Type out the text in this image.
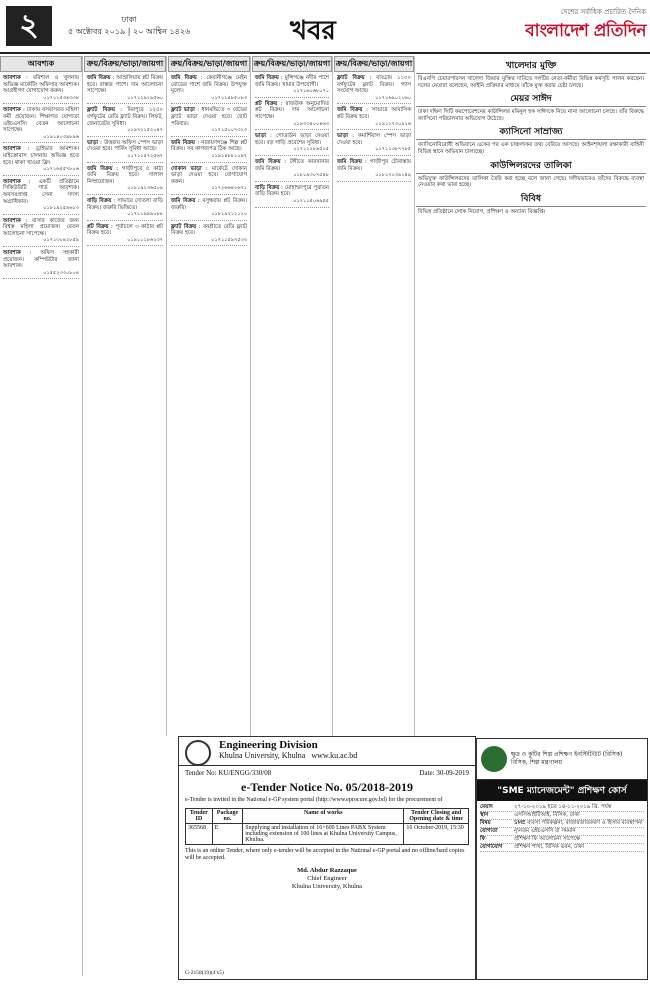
২	ঢাকা
৫ অক্টোবর ২০১৯ | ২০ আশ্বিন ১৪২৬	খবর
দেশের সর্বাধিক প্রচারিত দৈনিক
বাংলাদেশ প্রতিদিন
আবশ্যক
আবশ্যক : বরিশাল ও খুলনায় অভিজ্ঞ মার্কেটিং অফিসার আবশ্যক। আগ্রহীগণ যোগাযোগ করুন।
০১৭১১৫৩৪৩৩৪
আবশ্যক : ঢাকায় বসবাসরত মহিলা কর্মী প্রয়োজন। শিক্ষাগত যোগ্যতা এইচএসসি। বেতন আলোচনা সাপেক্ষে।
০১৯১৪০৩৯৮৯৬
আবশ্যক : ড্রাইভার আবশ্যক। মাইক্রোবাস চালনায় অভিজ্ঞ হতে হবে। থাকা খাওয়া ফ্রি।
০১৭১৬৫৫৭৮০৬
আবশ্যক : একটি প্রতিষ্ঠানে সিকিউরিটি গার্ড আবশ্যক। অবসরপ্রাপ্ত সেনা সদস্য অগ্রাধিকার।
০১৮১৯২৫৪৬১৩
আবশ্যক : বাসার কাজের জন্য বিশ্বস্ত মহিলা প্রয়োজন। বেতন আলোচনা সাপেক্ষে।
০১৭১৩০৪২৮৫৯
আবশ্যক : অফিস সহকারী প্রয়োজন। কম্পিউটার জানা আবশ্যক।
০১৫৫২৩৩০৮০৪
ক্রয়/বিক্রয়/ভাড়া/জায়গা
জমি বিক্রয় : আশুলিয়ায় প্লট বিক্রয় হবে। রাস্তার পাশে। দাম আলোচনা সাপেক্ষে।
০১৭১২৯২৯৫৬০
ফ্ল্যাট বিক্রয় : মিরপুরে ১২৫০ বর্গফুটের রেডি ফ্ল্যাট বিক্রয়। লিফট, জেনারেটর সুবিধা।
০১৯৭২১৫২০৪৭
ভাড়া : উত্তরায় অফিস স্পেস ভাড়া দেওয়া হবে। পার্কিং সুবিধা আছে।
০১৭১১৫৭২৫৬৭
জমি বিক্রয় : গাজীপুরে ৫ কাঠা জমি বিক্রয় হবে। দালাল নিষ্প্রয়োজন।
০১৮১৯২৩৬৫০৯
বাড়ি বিক্রয় : সাভারে দোতলা বাড়ি বিক্রয়। জরুরি ভিত্তিতে।
০১৭১১৯৪৯০৮৮
প্লট বিক্রয় : পূর্বাচলে ৩ কাঠার প্লট বিক্রয় হবে।
০১৯১১১৮৬২৩৭
ক্রয়/বিক্রয়/ভাড়া/জায়গা
জমি বিক্রয় : কেরানীগঞ্জে মেইন রোডের পাশে জমি বিক্রয়। উপযুক্ত মূল্যে।
০১৭১১৪৮৫০৮৩
ফ্ল্যাট ভাড়া : ধানমন্ডিতে ৩ বেডের ফ্ল্যাট ভাড়া দেওয়া হবে। ছোট পরিবার।
০১৭১৫০০৭৩২৩
জমি বিক্রয় : নারায়ণগঞ্জে শিল্প প্লট বিক্রয়। সব কাগজপত্র ঠিক আছে।
০১৯১৪৮৮১০৯৭
দোকান ভাড়া : মার্কেটে দোকান ভাড়া দেওয়া হবে। যোগাযোগ করুন।
০১৭২৬৬৪২৬৭১
জমি বিক্রয় : বসুন্ধরায় প্লট বিক্রয়। জরুরি।
০১৮১৯২১২১২০
ফ্ল্যাট বিক্রয় : বনশ্রীতে রেডি ফ্ল্যাট বিক্রয় হবে।
০১৭১১৫৯৭৫৩৩
ক্রয়/বিক্রয়/ভাড়া/জায়গা
জমি বিক্রয় : মুন্সিগঞ্জে নদীর পাশে জমি বিক্রয়। খামার উপযোগী।
০১৭১৬০৬৮০৭১
প্লট বিক্রয় : রাজউক অনুমোদিত প্লট বিক্রয়। দাম আলোচনা সাপেক্ষে।
০১৯৩৩৪০০৪৬৩
ভাড়া : গোডাউন ভাড়া দেওয়া হবে। বড় গাড়ি প্রবেশের সুবিধা।
০১৭১১২৮৯৫০৫
জমি বিক্রয় : টঙ্গীতে কারখানার জমি বিক্রয়।
০১৮১৯৩০৭৫৪৮
বাড়ি বিক্রয় : মোহাম্মদপুরে পুরাতন বাড়ি বিক্রয় হবে।
০১৭১১৫০৬৯৫৫
ক্রয়/বিক্রয়/ভাড়া/জায়গা
ফ্ল্যাট বিক্রয় : বাড্ডায় ১১০০ বর্গফুটের ফ্ল্যাট বিক্রয়। গ্যাস সংযোগ আছে।
০১৭১৬৯০২১৬০
জমি বিক্রয় : সাভারে আবাসিক প্লট বিক্রয় হবে।
০১৯১২৭৩০৯১৬
ভাড়া : কমার্শিয়াল স্পেস ভাড়া দেওয়া হবে।
০১৭১১৩৮৭৭৮৫
জমি বিক্রয় : গাজীপুর চৌরাস্তায় জমি বিক্রয়।
০১৮১৭০৩৯১৪৯
খালেদার মুক্তি
বিএনপি চেয়ারপারসন খালেদা জিয়ার মুক্তির দাবিতে দলটির নেতা-কর্মীরা বিভিন্ন কর্মসূচি পালন করছেন। দলের নেতারা বলেছেন, আইনি প্রক্রিয়ার মাধ্যমে তাঁকে মুক্ত করার চেষ্টা চলছে।
মেয়র সাঈদ
ঢাকা দক্ষিণ সিটি করপোরেশনের কাউন্সিলর মমিনুল হক সাঈদকে নিয়ে নানা আলোচনা চলছে। তাঁর বিরুদ্ধে ক্যাসিনো পরিচালনার অভিযোগ উঠেছে।
ক্যাসিনো সাম্রাজ্য
ক্যাসিনোবিরোধী অভিযানে একের পর এক চাঞ্চল্যকর তথ্য বেরিয়ে আসছে। আইনশৃঙ্খলা রক্ষাকারী বাহিনী বিভিন্ন স্থানে অভিযান চালাচ্ছে।
কাউন্সিলরদের তালিকা
অভিযুক্ত কাউন্সিলরদের তালিকা তৈরি করা হচ্ছে বলে জানা গেছে। দলীয়ভাবেও তাঁদের বিরুদ্ধে ব্যবস্থা নেওয়ার কথা ভাবা হচ্ছে।
বিবিধ
বিভিন্ন প্রতিষ্ঠানে লোক নিয়োগ, প্রশিক্ষণ ও অন্যান্য বিজ্ঞপ্তি।
Engineering Division
Khulna University, Khulna www.ku.ac.bd
Tender No: KU/ENGG/330/08	Date: 30-09-2019
e-Tender Notice No. 05/2018-2019
e-Tender is invited in the National e-GP system portal (http://www.eprocure.gov.bd) for the procurement of
Tender ID	Package no.	Name of works	Tender Closing and Opening date & time
365568	E	Supplying and installation of 16+600 Lines PABX System including extension of 100 lines at Khulna University Campus, Khulna.	16 October-2019, 15:30
This is an online Tender, where only e-tender will be accepted in the National e-GP portal and no offline/hard copies will be accepted.
Md. Abdur Razzaque
Chief Engineer
Khulna University, Khulna
G-2158(19)(4'x5)
ক্ষুদ্র ও কুটির শিল্প প্রশিক্ষণ ইনস্টিটিউট (বিসিক)
বিসিক, শিল্প মন্ত্রণালয়
"SME ম্যানেজমেন্ট" প্রশিক্ষণ কোর্স
মেয়াদ	২৭-১০-২০১৯ হতে ১৪-১১-২০১৯ খ্রি. পর্যন্ত
স্থান	এসসিআইটিআই, বিসিক, ঢাকা
বিষয়	SME ব্যবসা পরিকল্পনা, বাজারজাতকরণ ও হিসাব ব্যবস্থাপনা
যোগ্যতা	ন্যূনতম এইচএসসি বা সমমান
ফি	প্রশিক্ষণ ফি আলোচনা সাপেক্ষে
যোগাযোগ	প্রশিক্ষণ শাখা, বিসিক ভবন, ঢাকা
